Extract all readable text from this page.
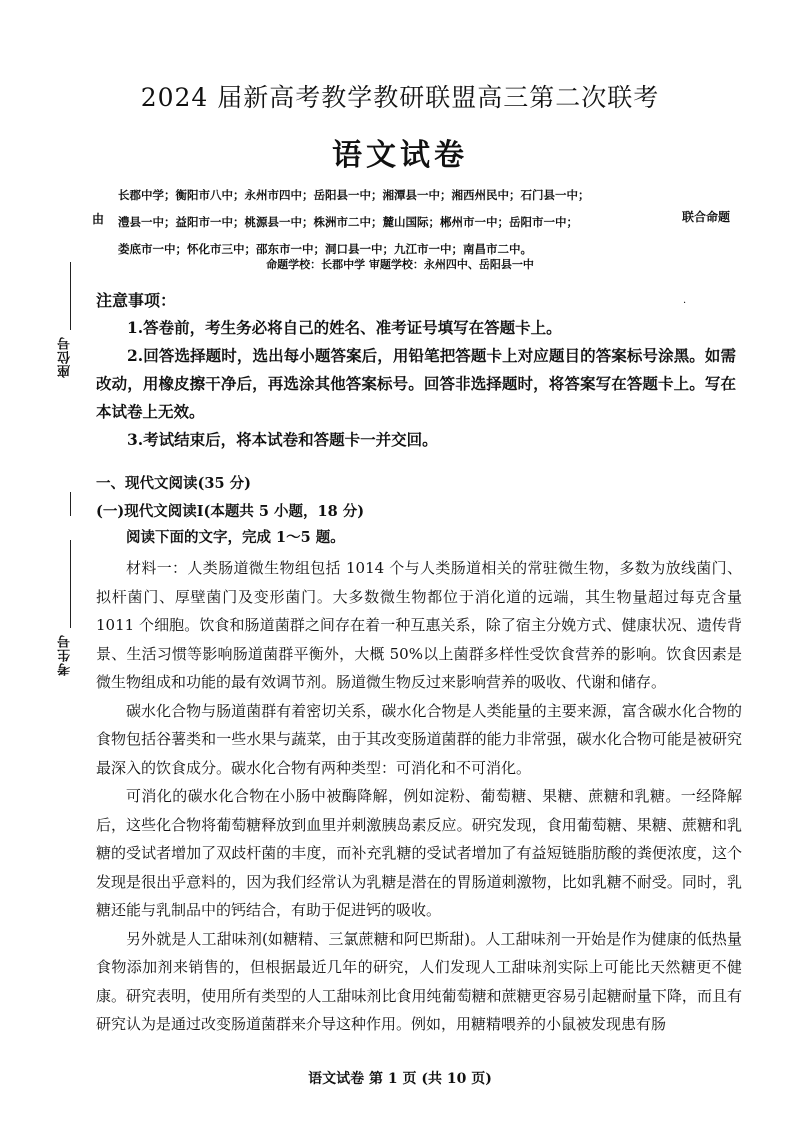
2024 届新高考教学教研联盟高三第二次联考
语文试卷
长郡中学；衡阳市八中；永州市四中；岳阳县一中；湘潭县一中；湘西州民中；石门县一中；
澧县一中；益阳市一中；桃源县一中；株洲市二中；麓山国际；郴州市一中；岳阳市一中；
娄底市一中；怀化市三中；邵东市一中；洞口县一中；九江市一中；南昌市二中。
由	联合命题
命题学校：长郡中学 审题学校：永州四中、岳阳县一中
·
座位号
考生号
注意事项：

1.答卷前，考生务必将自己的姓名、准考证号填写在答题卡上。

2.回答选择题时，选出每小题答案后，用铅笔把答题卡上对应题目的答案标号涂黑。如需改动，用橡皮擦干净后，再选涂其他答案标号。回答非选择题时，将答案写在答题卡上。写在本试卷上无效。

3.考试结束后，将本试卷和答题卡一并交回。

一、现代文阅读(35 分)
(一)现代文阅读Ⅰ(本题共 5 小题，18 分)
阅读下面的文字，完成 1～5 题。

材料一：人类肠道微生物组包括 1014 个与人类肠道相关的常驻微生物，多数为放线菌门、拟杆菌门、厚壁菌门及变形菌门。大多数微生物都位于消化道的远端，其生物量超过每克含量 1011 个细胞。饮食和肠道菌群之间存在着一种互惠关系，除了宿主分娩方式、健康状况、遗传背景、生活习惯等影响肠道菌群平衡外，大概 50%以上菌群多样性受饮食营养的影响。饮食因素是微生物组成和功能的最有效调节剂。肠道微生物反过来影响营养的吸收、代谢和储存。

碳水化合物与肠道菌群有着密切关系，碳水化合物是人类能量的主要来源，富含碳水化合物的食物包括谷薯类和一些水果与蔬菜，由于其改变肠道菌群的能力非常强，碳水化合物可能是被研究最深入的饮食成分。碳水化合物有两种类型：可消化和不可消化。

可消化的碳水化合物在小肠中被酶降解，例如淀粉、葡萄糖、果糖、蔗糖和乳糖。一经降解后，这些化合物将葡萄糖释放到血里并刺激胰岛素反应。研究发现，食用葡萄糖、果糖、蔗糖和乳糖的受试者增加了双歧杆菌的丰度，而补充乳糖的受试者增加了有益短链脂肪酸的粪便浓度，这个发现是很出乎意料的，因为我们经常认为乳糖是潜在的胃肠道刺激物，比如乳糖不耐受。同时，乳糖还能与乳制品中的钙结合，有助于促进钙的吸收。

另外就是人工甜味剂(如糖精、三氯蔗糖和阿巴斯甜)。人工甜味剂一开始是作为健康的低热量食物添加剂来销售的，但根据最近几年的研究，人们发现人工甜味剂实际上可能比天然糖更不健康。研究表明，使用所有类型的人工甜味剂比食用纯葡萄糖和蔗糖更容易引起糖耐量下降，而且有研究认为是通过改变肠道菌群来介导这种作用。例如，用糖精喂养的小鼠被发现患有肠

语文试卷 第 1 页 (共 10 页)
